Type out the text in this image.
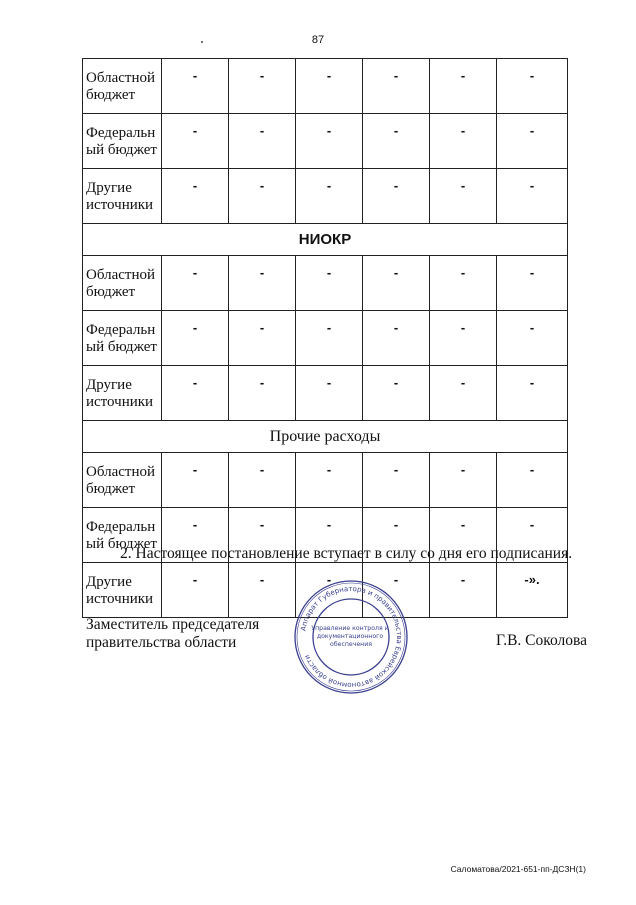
87
Областной
бюджет	-	-	-	-	-	-

Федеральн
ый бюджет	-	-	-	-	-	-

Другие
источники	-	-	-	-	-	-
НИОКР						

Областной
бюджет	-	-	-	-	-	-

Федеральн
ый бюджет	-	-	-	-	-	-

Другие
источники	-	-	-	-	-	-
Прочие расходы						

Областной
бюджет	-	-	-	-	-	-

Федеральн
ый бюджет	-	-	-	-	-	-

Другие
источники	-	-	-	-	-	-».
2. Настоящее постановление вступает в силу со дня его подписания.
Заместитель председателя
правительства области	Г.В. Соколова
Аппарат Губернатора и правительства Еврейской автономной области
Управление контроля и документационного обеспечения
Саломатова/2021-651-пп-ДСЗН(1)
